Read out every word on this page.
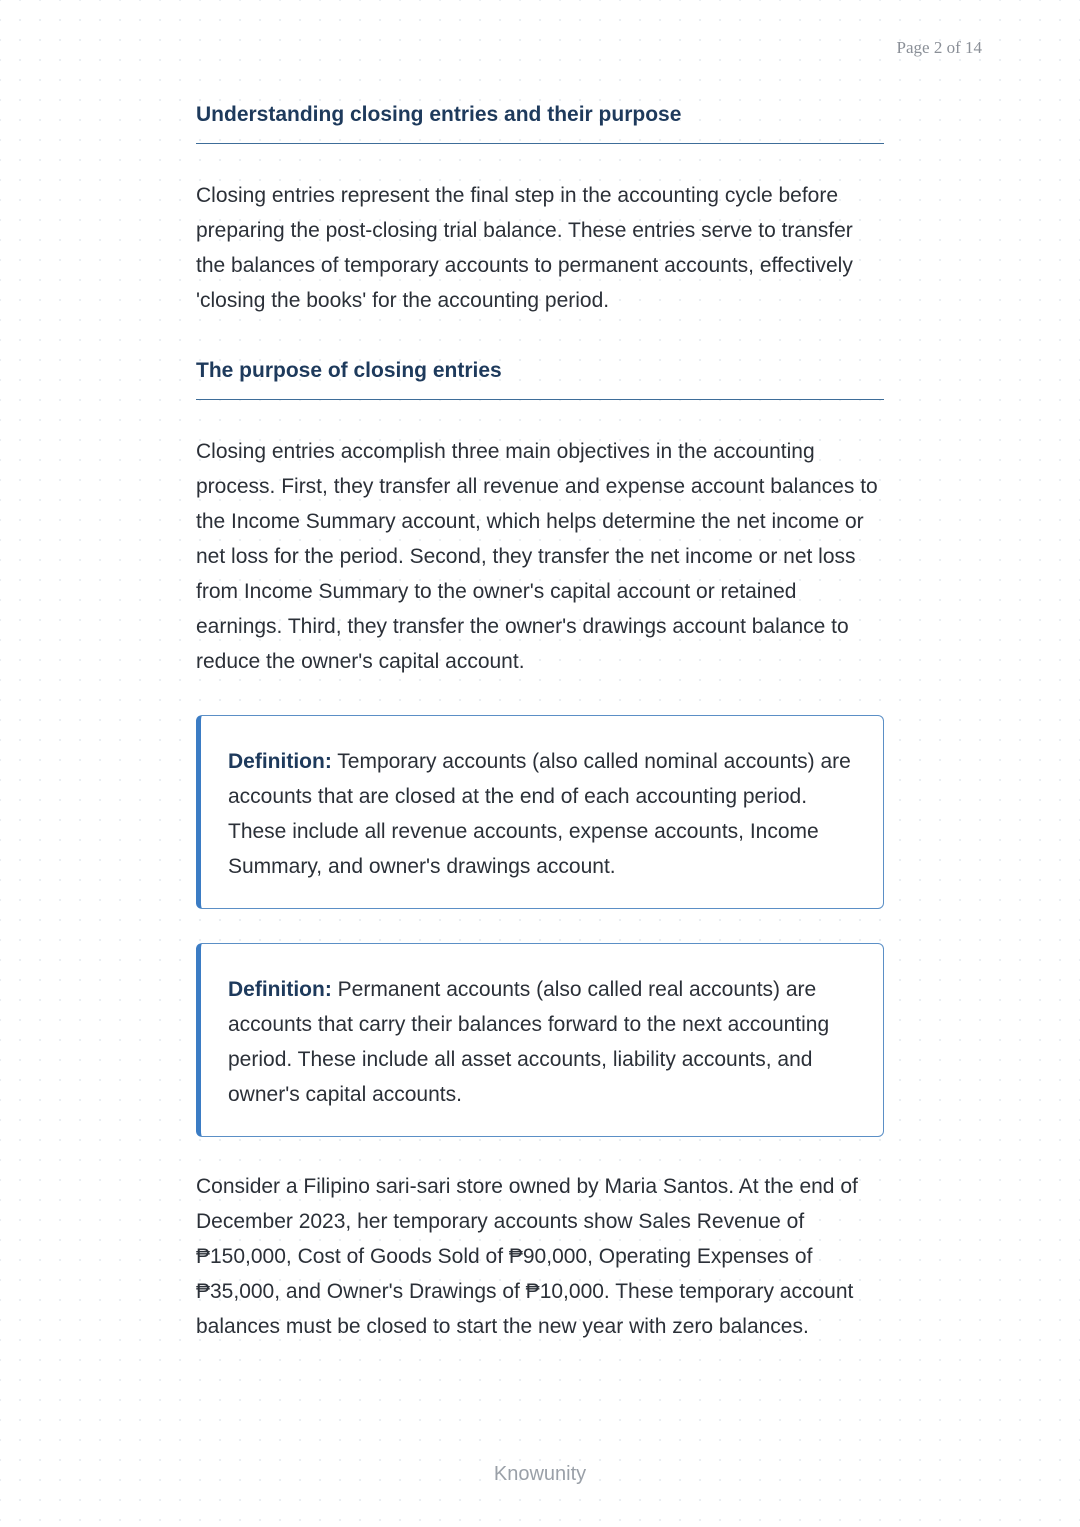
Page 2 of 14
Understanding closing entries and their purpose

Closing entries represent the final step in the accounting cycle before preparing the post-closing trial balance. These entries serve to transfer the balances of temporary accounts to permanent accounts, effectively 'closing the books' for the accounting period.

The purpose of closing entries

Closing entries accomplish three main objectives in the accounting process. First, they transfer all revenue and expense account balances to the Income Summary account, which helps determine the net income or net loss for the period. Second, they transfer the net income or net loss from Income Summary to the owner's capital account or retained earnings. Third, they transfer the owner's drawings account balance to reduce the owner's capital account.

Definition: Temporary accounts (also called nominal accounts) are accounts that are closed at the end of each accounting period. These include all revenue accounts, expense accounts, Income Summary, and owner's drawings account.

Definition: Permanent accounts (also called real accounts) are accounts that carry their balances forward to the next accounting period. These include all asset accounts, liability accounts, and owner's capital accounts.

Consider a Filipino sari-sari store owned by Maria Santos. At the end of December 2023, her temporary accounts show Sales Revenue of ₱150,000, Cost of Goods Sold of ₱90,000, Operating Expenses of ₱35,000, and Owner's Drawings of ₱10,000. These temporary account balances must be closed to start the new year with zero balances.

Knowunity
